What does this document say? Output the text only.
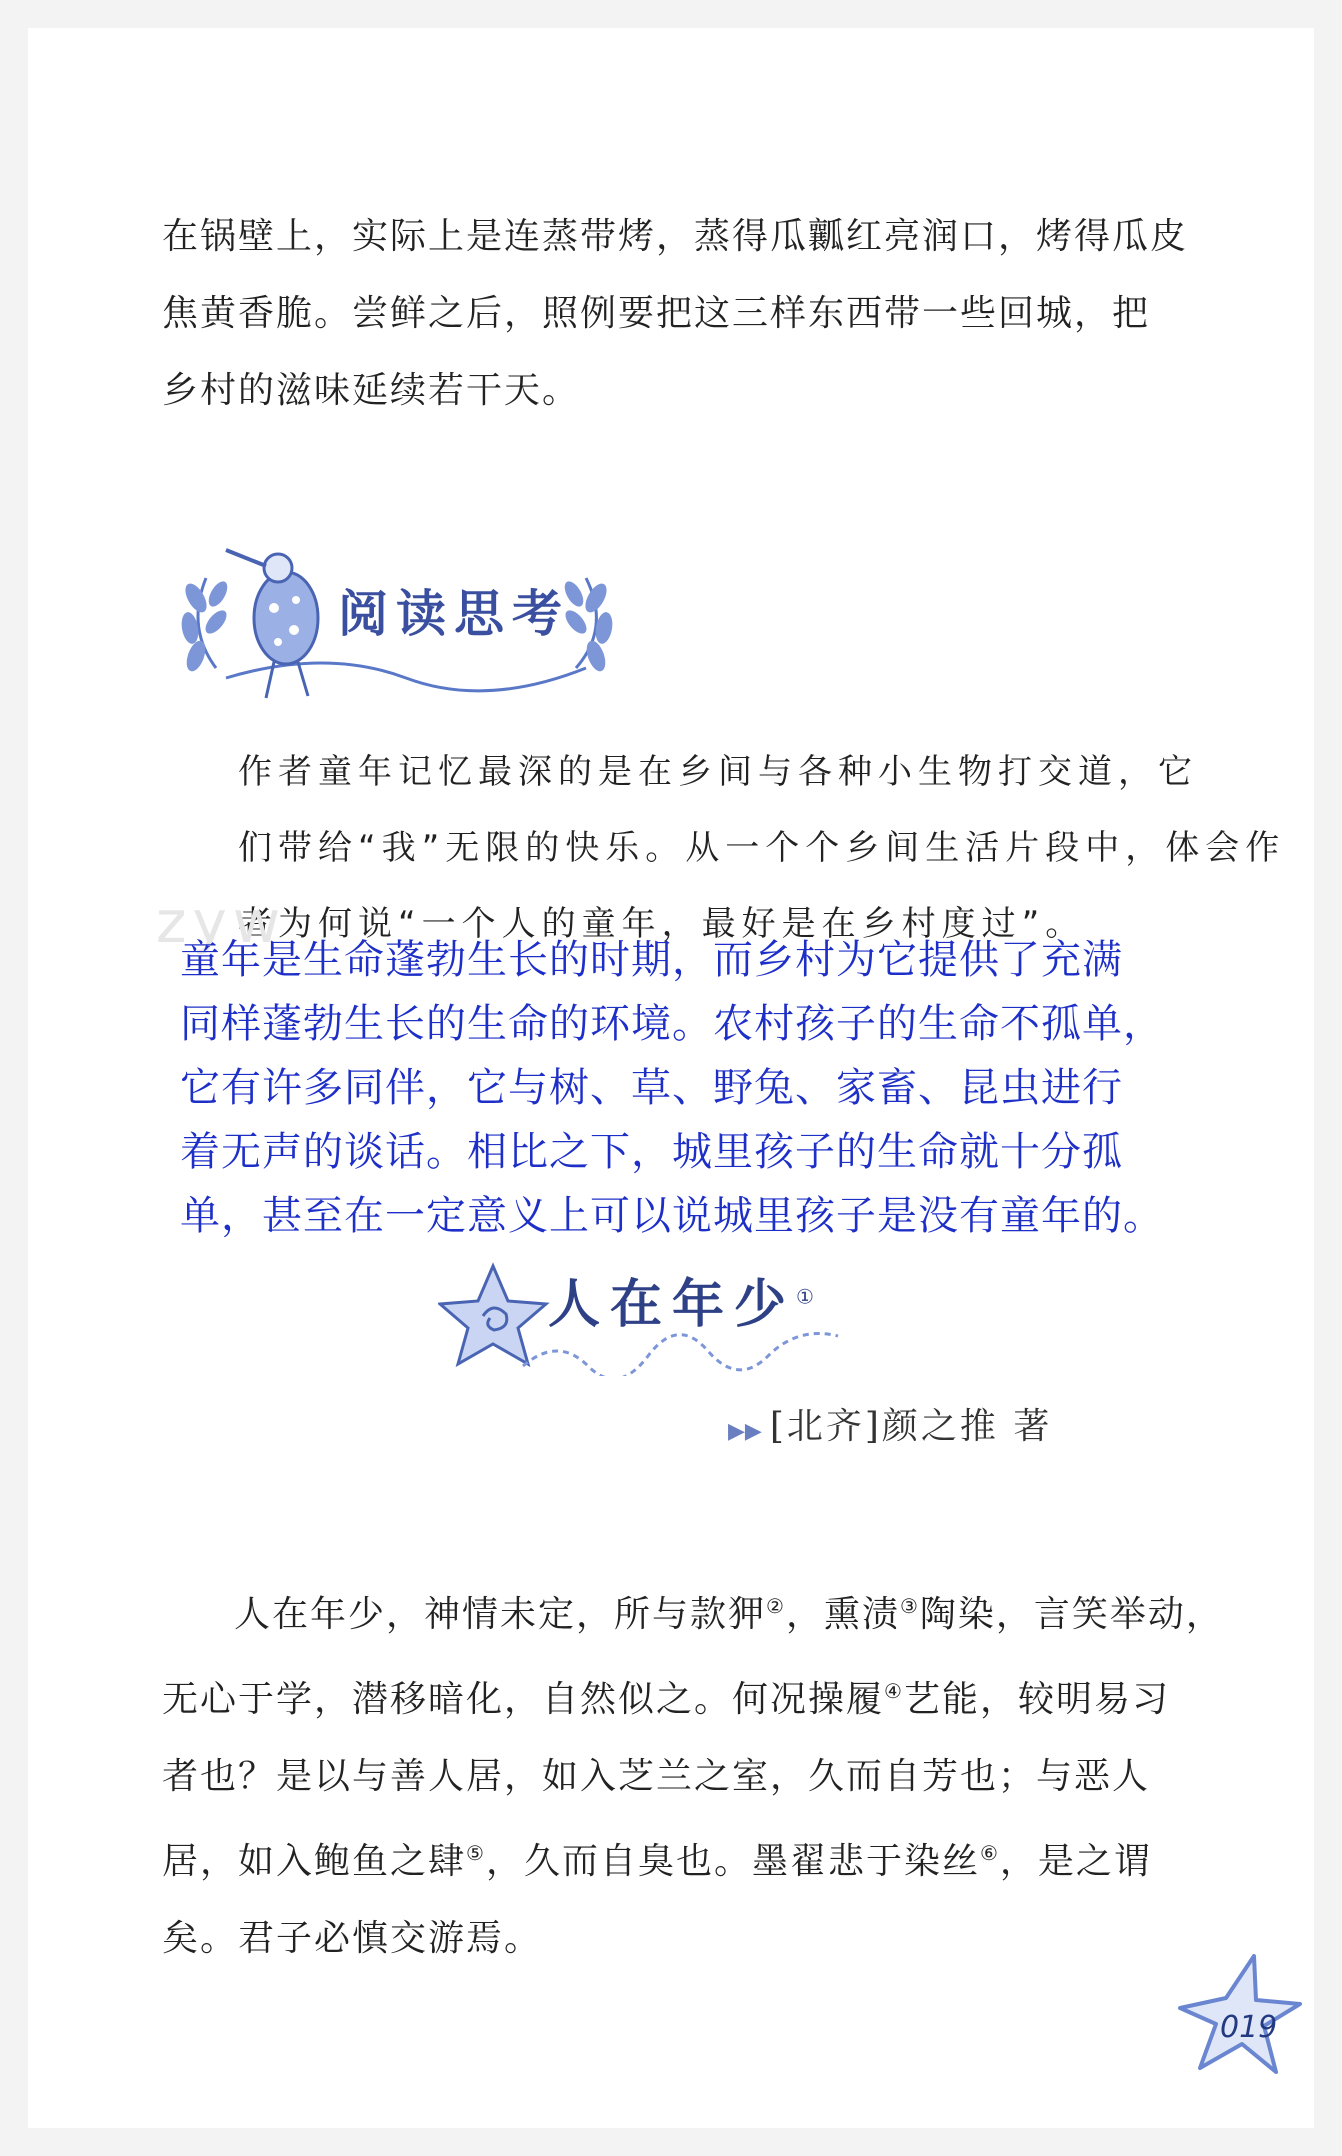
在锅壁上，实际上是连蒸带烤，蒸得瓜瓤红亮润口，烤得瓜皮
焦黄香脆。尝鲜之后，照例要把这三样东西带一些回城，把
乡村的滋味延续若干天。
阅读思考
作者童年记忆最深的是在乡间与各种小生物打交道，它
们带给“我”无限的快乐。从一个个乡间生活片段中，体会作
者为何说“一个人的童年，最好是在乡村度过”。
zyw
童年是生命蓬勃生长的时期，而乡村为它提供了充满
同样蓬勃生长的生命的环境。农村孩子的生命不孤单，
它有许多同伴，它与树、草、野兔、家畜、昆虫进行
着无声的谈话。相比之下，城里孩子的生命就十分孤
单，甚至在一定意义上可以说城里孩子是没有童年的。
人在年少①
▶▶ [北齐]颜之推 著
人在年少，神情未定，所与款狎②，熏渍③陶染，言笑举动，
无心于学，潜移暗化，自然似之。何况操履④艺能，较明易习
者也？是以与善人居，如入芝兰之室，久而自芳也；与恶人
居，如入鲍鱼之肆⑤，久而自臭也。墨翟悲于染丝⑥，是之谓
矣。君子必慎交游焉。
019
